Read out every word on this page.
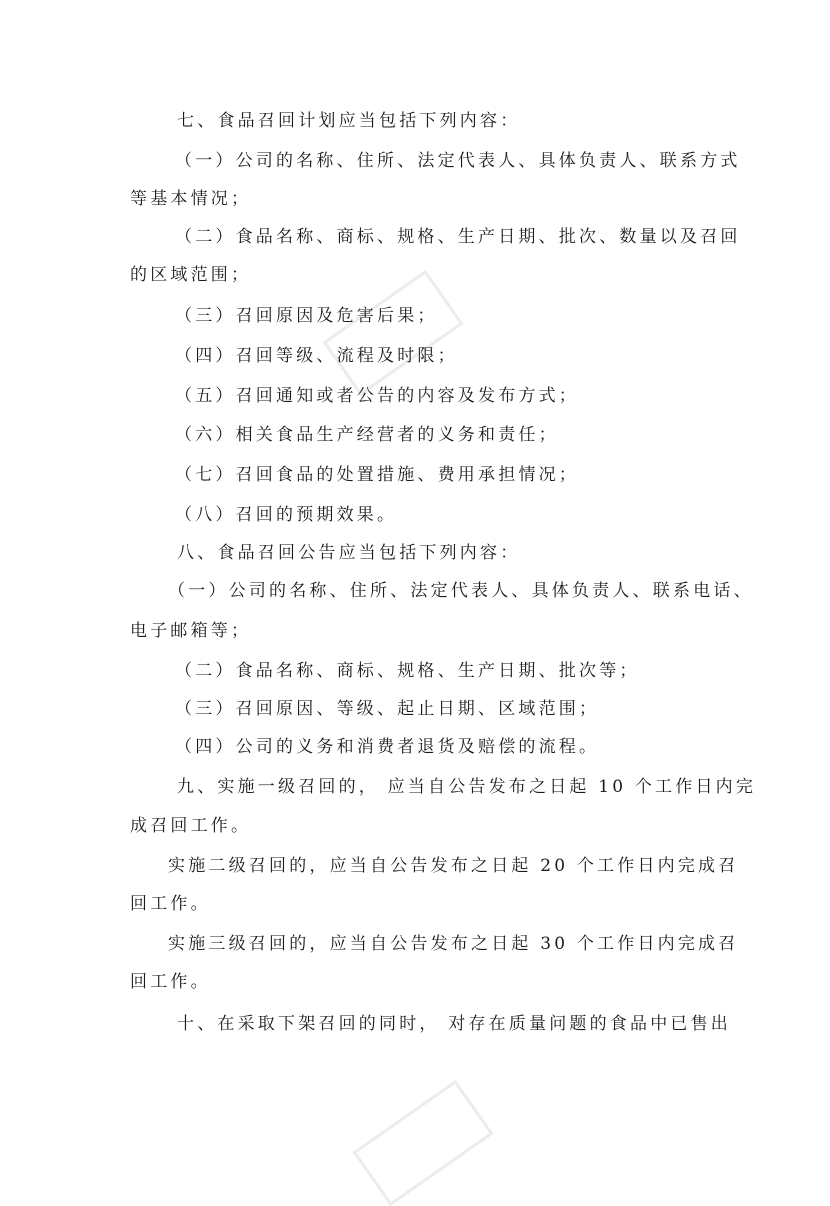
七、食品召回计划应当包括下列内容：
（一）公司的名称、住所、法定代表人、具体负责人、联系方式
等基本情况；
（二）食品名称、商标、规格、生产日期、批次、数量以及召回
的区域范围；
（三）召回原因及危害后果；
（四）召回等级、流程及时限；
（五）召回通知或者公告的内容及发布方式；
（六）相关食品生产经营者的义务和责任；
（七）召回食品的处置措施、费用承担情况；
（八）召回的预期效果。
八、食品召回公告应当包括下列内容：
（一）公司的名称、住所、法定代表人、具体负责人、联系电话、
电子邮箱等；
（二）食品名称、商标、规格、生产日期、批次等；
（三）召回原因、等级、起止日期、区域范围；
（四）公司的义务和消费者退货及赔偿的流程。
九、实施一级召回的， 应当自公告发布之日起 10 个工作日内完
成召回工作。
实施二级召回的，应当自公告发布之日起 20 个工作日内完成召
回工作。
实施三级召回的，应当自公告发布之日起 30 个工作日内完成召
回工作。
十、在采取下架召回的同时， 对存在质量问题的食品中已售出
